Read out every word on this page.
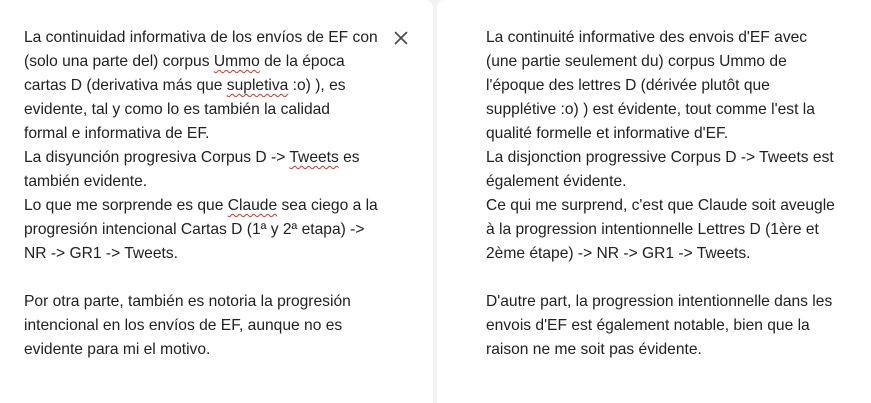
La continuidad informativa de los envíos de EF con
(solo una parte del) corpus Ummo de la época
cartas D (derivativa más que supletiva :o) ), es
evidente, tal y como lo es también la calidad
formal e informativa de EF.
La disyunción progresiva Corpus D -> Tweets es
también evidente.
Lo que me sorprende es que Claude sea ciego a la
progresión intencional Cartas D (1ª y 2ª etapa) ->
NR -> GR1 -> Tweets.
Por otra parte, también es notoria la progresión
intencional en los envíos de EF, aunque no es
evidente para mi el motivo.
La continuité informative des envois d'EF avec
(une partie seulement du) corpus Ummo de
l'époque des lettres D (dérivée plutôt que
supplétive :o) ) est évidente, tout comme l'est la
qualité formelle et informative d'EF.
La disjonction progressive Corpus D -> Tweets est
également évidente.
Ce qui me surprend, c'est que Claude soit aveugle
à la progression intentionnelle Lettres D (1ère et
2ème étape) -> NR -> GR1 -> Tweets.
D'autre part, la progression intentionnelle dans les
envois d'EF est également notable, bien que la
raison ne me soit pas évidente.
